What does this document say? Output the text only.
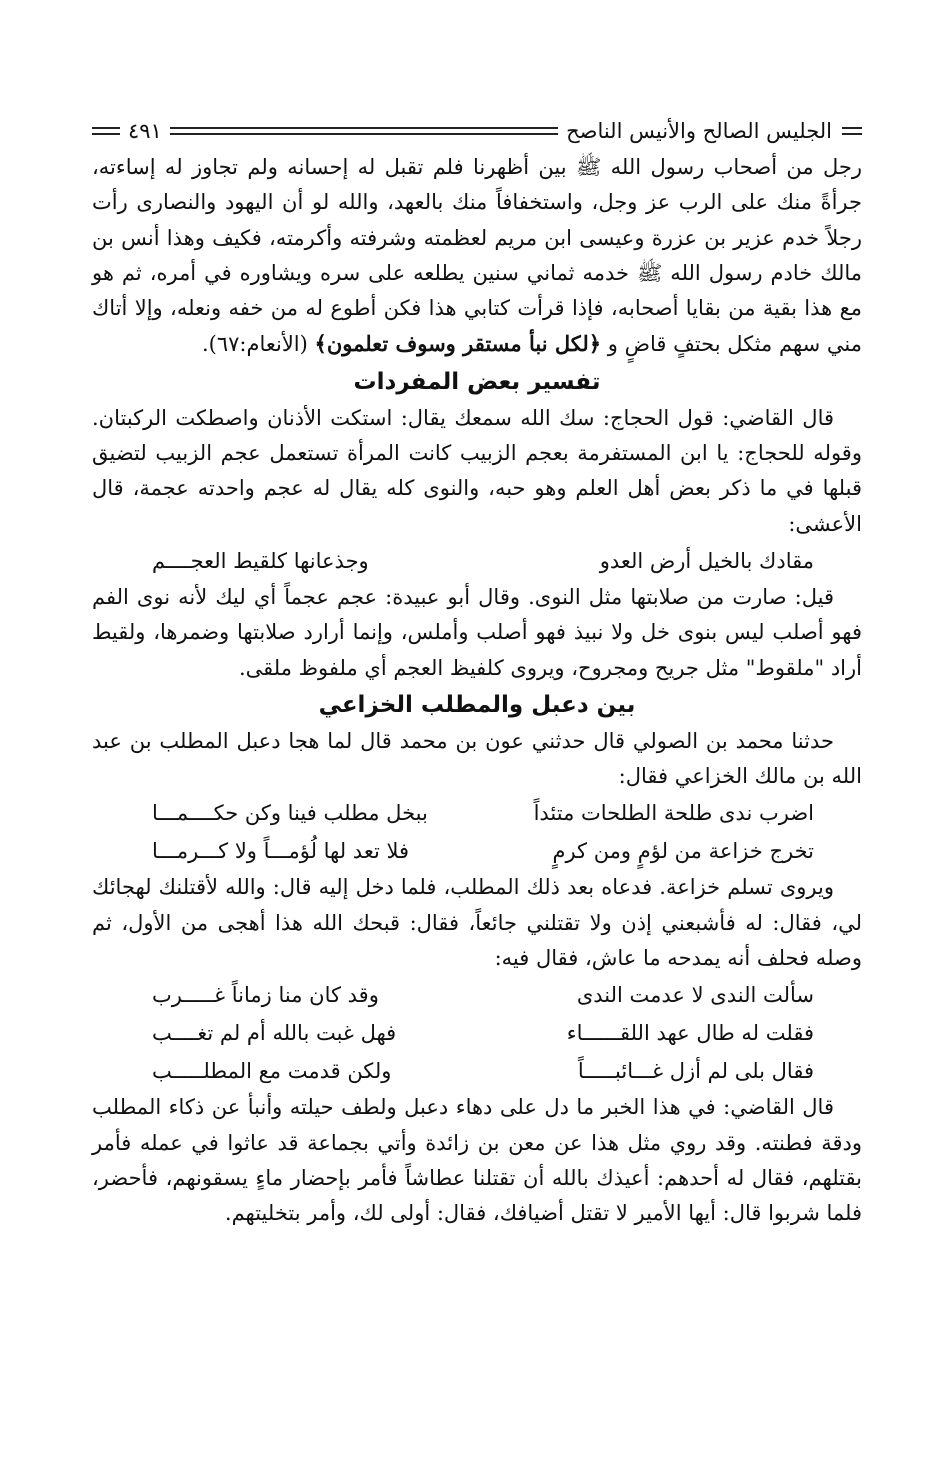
الجليس الصالح والأنيس الناصح
٤٩١

رجل من أصحاب رسول الله ﷺ بين أظهرنا فلم تقبل له إحسانه ولم تجاوز له إساءته، جرأةً منك على الرب عز وجل، واستخفافاً منك بالعهد، والله لو أن اليهود والنصارى رأت رجلاً خدم عزير بن عزرة وعيسى ابن مريم لعظمته وشرفته وأكرمته، فكيف وهذا أنس بن مالك خادم رسول الله ﷺ خدمه ثماني سنين يطلعه على سره ويشاوره في أمره، ثم هو مع هذا بقية من بقايا أصحابه، فإذا قرأت كتابي هذا فكن أطوع له من خفه ونعله، وإلا أتاك مني سهم مثكل بحتفٍ قاضٍ و ﴿لكل نبأ مستقر وسوف تعلمون﴾ (الأنعام:٦٧).

تفسير بعض المفردات

قال القاضي: قول الحجاج: سك الله سمعك يقال: استكت الأذنان واصطكت الركبتان. وقوله للحجاج: يا ابن المستفرمة بعجم الزبيب كانت المرأة تستعمل عجم الزبيب لتضيق قبلها في ما ذكر بعض أهل العلم وهو حبه، والنوى كله يقال له عجم واحدته عجمة، قال الأعشى:

مقادك بالخيل أرض العدو
وجذعانها كلقيط العجــــم

قيل: صارت من صلابتها مثل النوى. وقال أبو عبيدة: عجم عجماً أي ليك لأنه نوى الفم فهو أصلب ليس بنوى خل ولا نبيذ فهو أصلب وأملس، وإنما أرارد صلابتها وضمرها، ولقيط أراد "ملقوط" مثل جريح ومجروح، ويروى كلفيظ العجم أي ملفوظ ملقى.

بين دعبل والمطلب الخزاعي

حدثنا محمد بن الصولي قال حدثني عون بن محمد قال لما هجا دعبل المطلب بن عبد الله بن مالك الخزاعي فقال:

اضرب ندى طلحة الطلحات متئداً
ببخل مطلب فينا وكن حكــــمـــا
تخرج خزاعة من لؤمٍ ومن كرمٍ
فلا تعد لها لُؤمـــاً ولا كـــرمـــا

ويروى تسلم خزاعة. فدعاه بعد ذلك المطلب، فلما دخل إليه قال: والله لأقتلنك لهجائك لي، فقال: له فأشبعني إذن ولا تقتلني جائعاً، فقال: قبحك الله هذا أهجى من الأول، ثم وصله فحلف أنه يمدحه ما عاش، فقال فيه:

سألت الندى لا عدمت الندى
وقد كان منا زماناً غـــــرب
فقلت له طال عهد اللقــــــاء
فهل غبت بالله أم لم تغــــب
فقال بلى لم أزل غـــائبـــــاً
ولكن قدمت مع المطلـــــب

قال القاضي: في هذا الخبر ما دل على دهاء دعبل ولطف حيلته وأنبأ عن ذكاء المطلب ودقة فطنته. وقد روي مثل هذا عن معن بن زائدة وأتي بجماعة قد عاثوا في عمله فأمر بقتلهم، فقال له أحدهم: أعيذك بالله أن تقتلنا عطاشاً فأمر بإحضار ماءٍ يسقونهم، فأحضر، فلما شربوا قال: أيها الأمير لا تقتل أضيافك، فقال: أولى لك، وأمر بتخليتهم.
